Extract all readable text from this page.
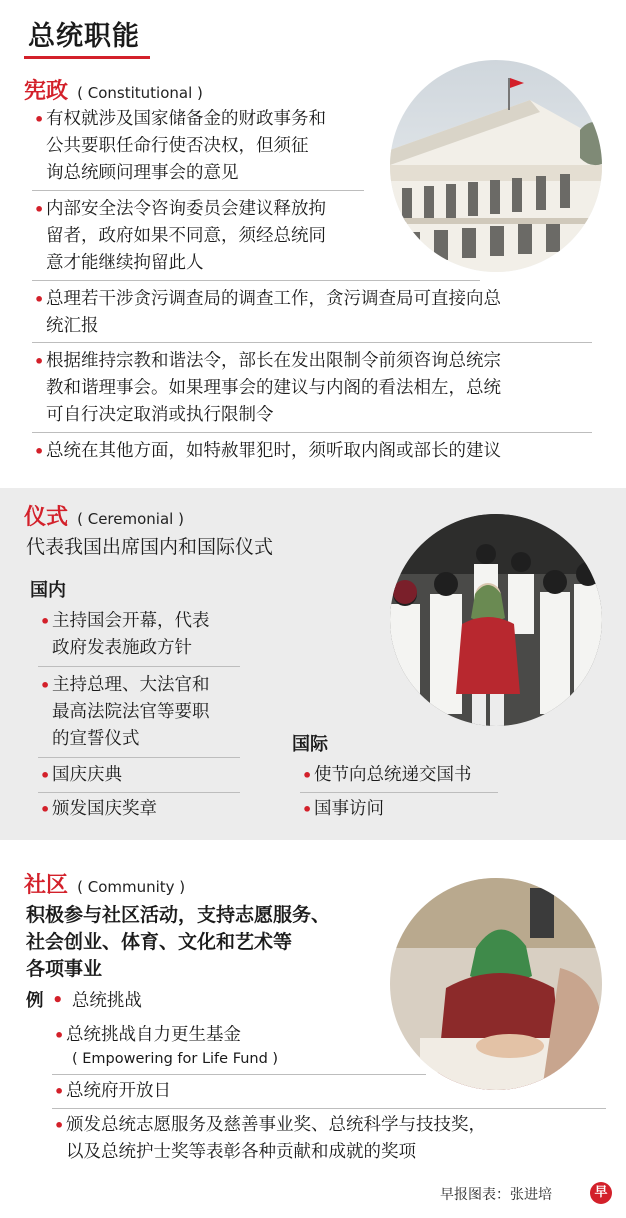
总统职能
宪政 ( Constitutional )
• 有权就涉及国家储备金的财政事务和
公共要职任命行使否决权，但须征
询总统顾问理事会的意见
• 内部安全法令咨询委员会建议释放拘
留者，政府如果不同意，须经总统同
意才能继续拘留此人
• 总理若干涉贪污调查局的调查工作，贪污调查局可直接向总
统汇报
• 根据维持宗教和谐法令，部长在发出限制令前须咨询总统宗
教和谐理事会。如果理事会的建议与内阁的看法相左，总统
可自行决定取消或执行限制令
• 总统在其他方面，如特赦罪犯时，须听取内阁或部长的建议
仪式 ( Ceremonial )
代表我国出席国内和国际仪式
国内
• 主持国会开幕，代表
政府发表施政方针
• 主持总理、大法官和
最高法院法官等要职
的宣誓仪式
• 国庆庆典
• 颁发国庆奖章
国际
• 使节向总统递交国书
• 国事访问
社区 ( Community )
积极参与社区活动，支持志愿服务、
社会创业、体育、文化和艺术等
各项事业
例 • 总统挑战
• 总统挑战自力更生基金
( Empowering for Life Fund )
• 总统府开放日
• 颁发总统志愿服务及慈善事业奖、总统科学与技技奖，
以及总统护士奖等表彰各种贡献和成就的奖项
早报图表：张进培	早
